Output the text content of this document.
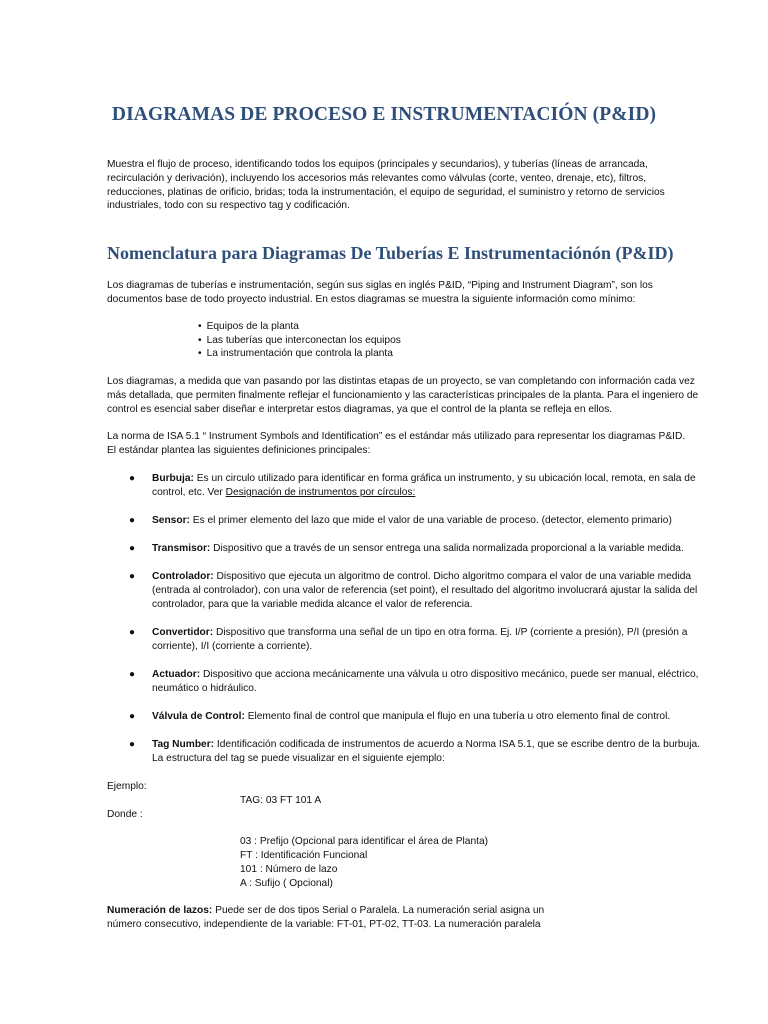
DIAGRAMAS DE PROCESO E INSTRUMENTACIÓN (P&ID)

Muestra el flujo de proceso, identificando todos los equipos (principales y secundarios), y tuberías (líneas de arrancada,
recirculación y derivación), incluyendo los accesorios más relevantes como válvulas (corte, venteo, drenaje, etc), filtros,
reducciones, platinas de orificio, bridas; toda la instrumentación, el equipo de seguridad, el suministro y retorno de servicios
industriales, todo con su respectivo tag y codificación.

Nomenclatura para Diagramas De Tuberías E Instrumentaciónón (P&ID)

Los diagramas de tuberías e instrumentación, según sus siglas en inglés P&ID, “Piping and Instrument Diagram”, son los
documentos base de todo proyecto industrial. En estos diagramas se muestra la siguiente información como mínimo:

• Equipos de la planta
• Las tuberías que interconectan los equipos
• La instrumentación que controla la planta

Los diagramas, a medida que van pasando por las distintas etapas de un proyecto, se van completando con información cada vez
más detallada, que permiten finalmente reflejar el funcionamiento y las características principales de la planta. Para el ingeniero de
control es esencial saber diseñar e interpretar estos diagramas, ya que el control de la planta se refleja en ellos.

La norma de ISA 5.1 “ Instrument Symbols and Identification” es el estándar más utilizado para representar los diagramas P&ID.
El estándar plantea las siguientes definiciones principales:

● Burbuja: Es un circulo utilizado para identificar en forma gráfica un instrumento, y su ubicación local, remota, en sala de
control, etc. Ver Designación de instrumentos por círculos:
● Sensor: Es el primer elemento del lazo que mide el valor de una variable de proceso. (detector, elemento primario)
● Transmisor: Dispositivo que a través de un sensor entrega una salida normalizada proporcional a la variable medida.
● Controlador: Dispositivo que ejecuta un algoritmo de control. Dicho algoritmo compara el valor de una variable medida
(entrada al controlador), con una valor de referencia (set point), el resultado del algoritmo involucrará ajustar la salida del
controlador, para que la variable medida alcance el valor de referencia.
● Convertidor: Dispositivo que transforma una señal de un tipo en otra forma. Ej. I/P (corriente a presión), P/I (presión a
corriente), I/I (corriente a corriente).
● Actuador: Dispositivo que acciona mecánicamente una válvula u otro dispositivo mecánico, puede ser manual, eléctrico,
neumático o hidráulico.
● Válvula de Control: Elemento final de control que manipula el flujo en una tubería u otro elemento final de control.
● Tag Number: Identificación codificada de instrumentos de acuerdo a Norma ISA 5.1, que se escribe dentro de la burbuja.
La estructura del tag se puede visualizar en el siguiente ejemplo:
Ejemplo:
TAG: 03 FT 101 A
Donde :
03 : Prefijo (Opcional para identificar el área de Planta)
FT : Identificación Funcional
101 : Número de lazo
A : Sufijo ( Opcional)

Numeración de lazos: Puede ser de dos tipos Serial o Paralela. La numeración serial asigna un
número consecutivo, independiente de la variable: FT-01, PT-02, TT-03. La numeración paralela
